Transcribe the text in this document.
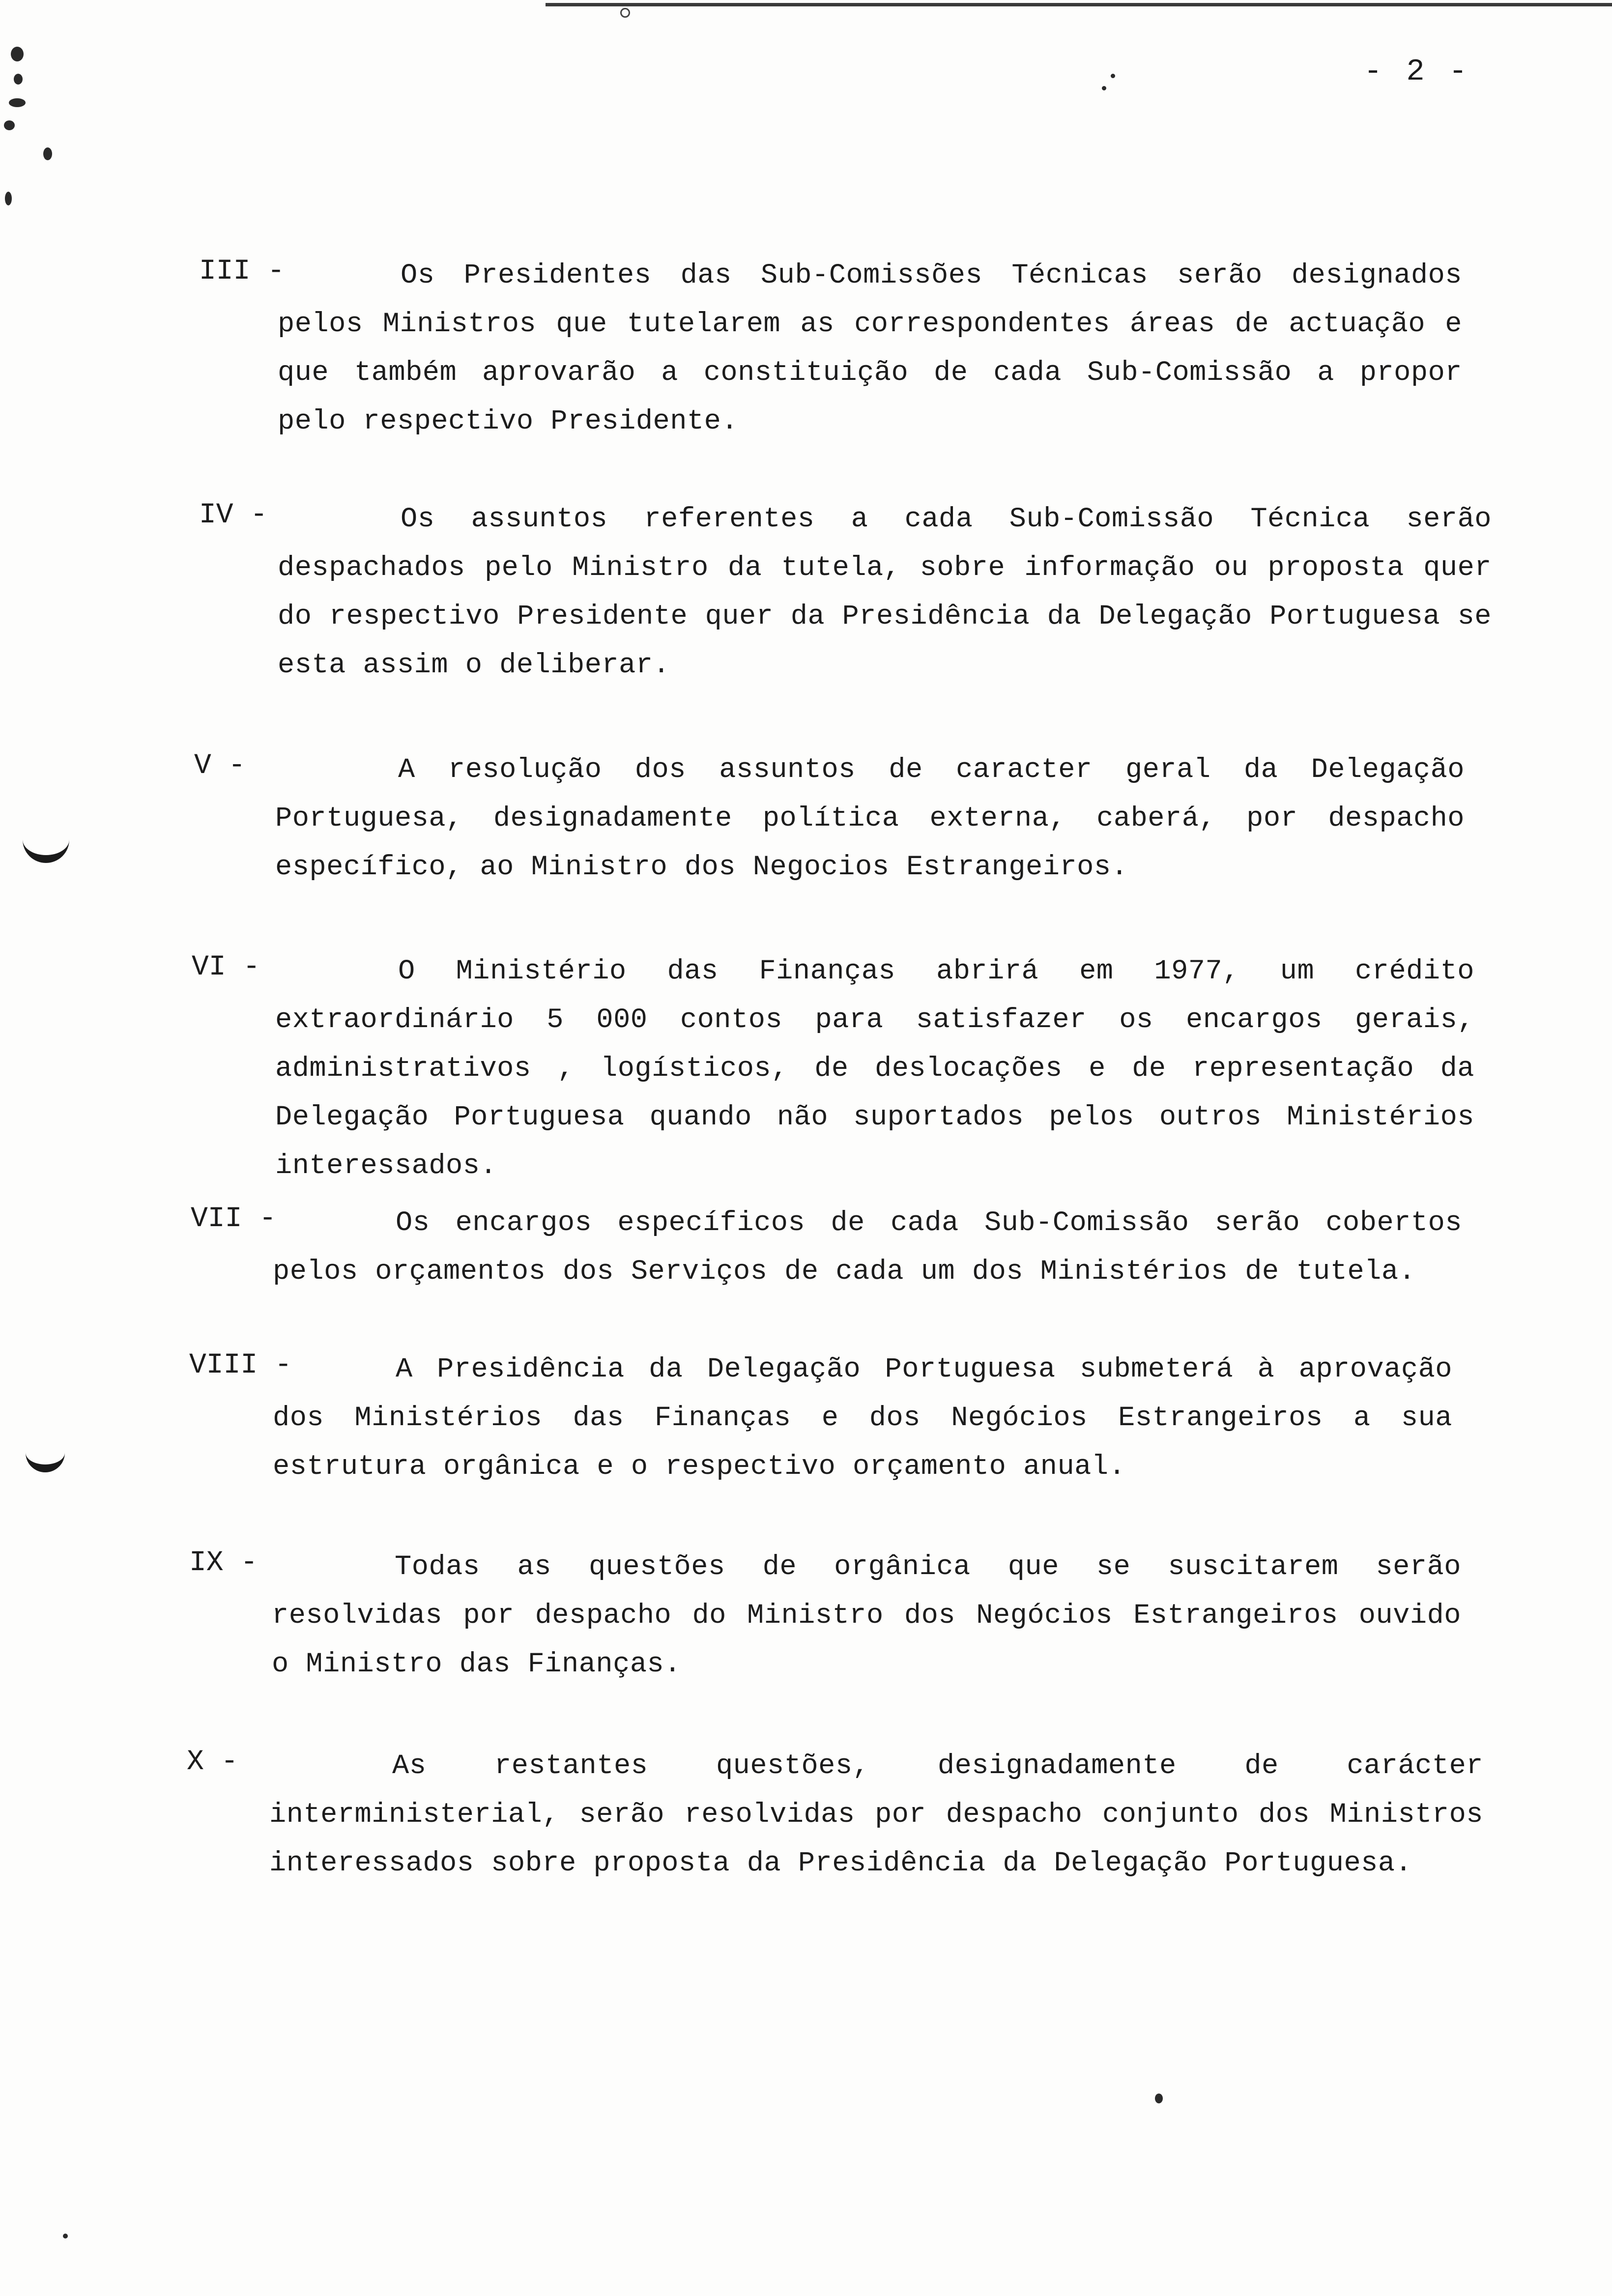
- 2 -
III -	Os Presidentes das Sub-Comissões Técnicas serão designados pelos Ministros que tutelarem as correspondentes áreas de actuação e que também aprovarão a constituição de cada Sub-Comissão a propor pelo respectivo Presidente.

IV -	Os assuntos referentes a cada Sub-Comissão Técnica serão despachados pelo Ministro da tutela, sobre informação ou proposta quer do respectivo Presidente quer da Presidência da Delegação Portuguesa se esta assim o deliberar.

V -	A resolução dos assuntos de caracter geral da Delegação Portuguesa, designadamente política externa, caberá, por despacho específico, ao Ministro dos Negocios Estrangeiros.

VI -	O Ministério das Finanças abrirá em 1977, um crédito extraordinário 5 000 contos para satisfazer os encargos gerais, administrativos , logísticos, de deslocações e de representação da Delegação Portuguesa quando não suportados pelos outros Ministérios interessados.

VII -	Os encargos específicos de cada Sub-Comissão serão cobertos pelos orçamentos dos Serviços de cada um dos Ministérios de tutela.

VIII -	A Presidência da Delegação Portuguesa submeterá à aprovação dos Ministérios das Finanças e dos Negócios Estrangeiros a sua estrutura orgânica e o respectivo orçamento anual.

IX -	Todas as questões de orgânica que se suscitarem serão resolvidas por despacho do Ministro dos Negócios Estrangeiros ouvido o Ministro das Finanças.

X -	As restantes questões, designadamente de carácter interministerial, serão resolvidas por despacho conjunto dos Ministros interessados sobre proposta da Presidência da Delegação Portuguesa.
